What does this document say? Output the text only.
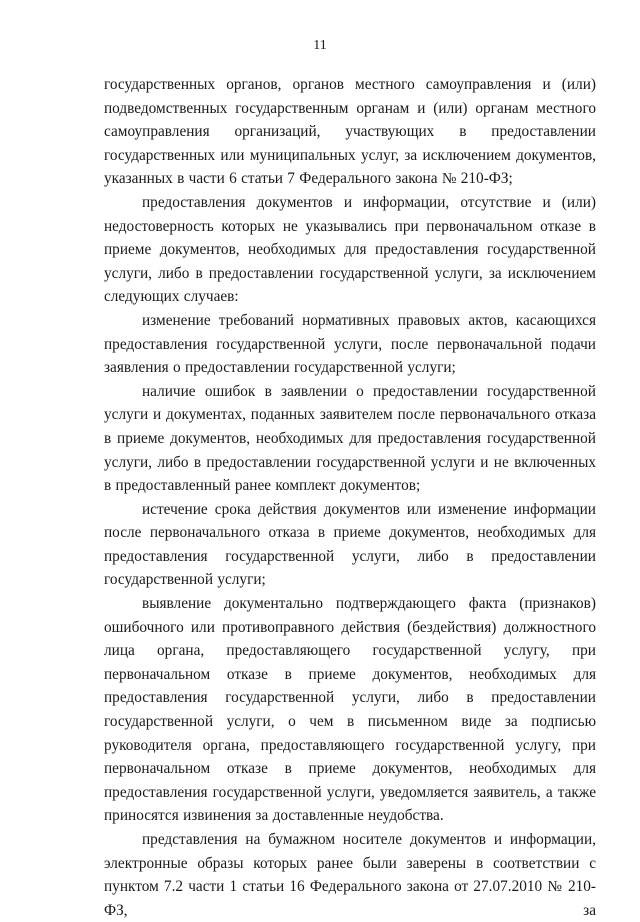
11

государственных органов, органов местного самоуправления и (или) подведомственных государственным органам и (или) органам местного самоуправления организаций, участвующих в предоставлении государственных или муниципальных услуг, за исключением документов, указанных в части 6 статьи 7 Федерального закона № 210-ФЗ;

предоставления документов и информации, отсутствие и (или) недостоверность которых не указывались при первоначальном отказе в приеме документов, необходимых для предоставления государственной услуги, либо в предоставлении государственной услуги, за исключением следующих случаев:

изменение требований нормативных правовых актов, касающихся предоставления государственной услуги, после первоначальной подачи заявления о предоставлении государственной услуги;

наличие ошибок в заявлении о предоставлении государственной услуги и документах, поданных заявителем после первоначального отказа в приеме документов, необходимых для предоставления государственной услуги, либо в предоставлении государственной услуги и не включенных в предоставленный ранее комплект документов;

истечение срока действия документов или изменение информации после первоначального отказа в приеме документов, необходимых для предоставления государственной услуги, либо в предоставлении государственной услуги;

выявление документально подтверждающего факта (признаков) ошибочного или противоправного действия (бездействия) должностного лица органа, предоставляющего государственной услугу, при первоначальном отказе в приеме документов, необходимых для предоставления государственной услуги, либо в предоставлении государственной услуги, о чем в письменном виде за подписью руководителя органа, предоставляющего государственной услугу, при первоначальном отказе в приеме документов, необходимых для предоставления государственной услуги, уведомляется заявитель, а также приносятся извинения за доставленные неудобства.

представления на бумажном носителе документов и информации, электронные образы которых ранее были заверены в соответствии с пунктом 7.2 части 1 статьи 16 Федерального закона от 27.07.2010 № 210-ФЗ, за
